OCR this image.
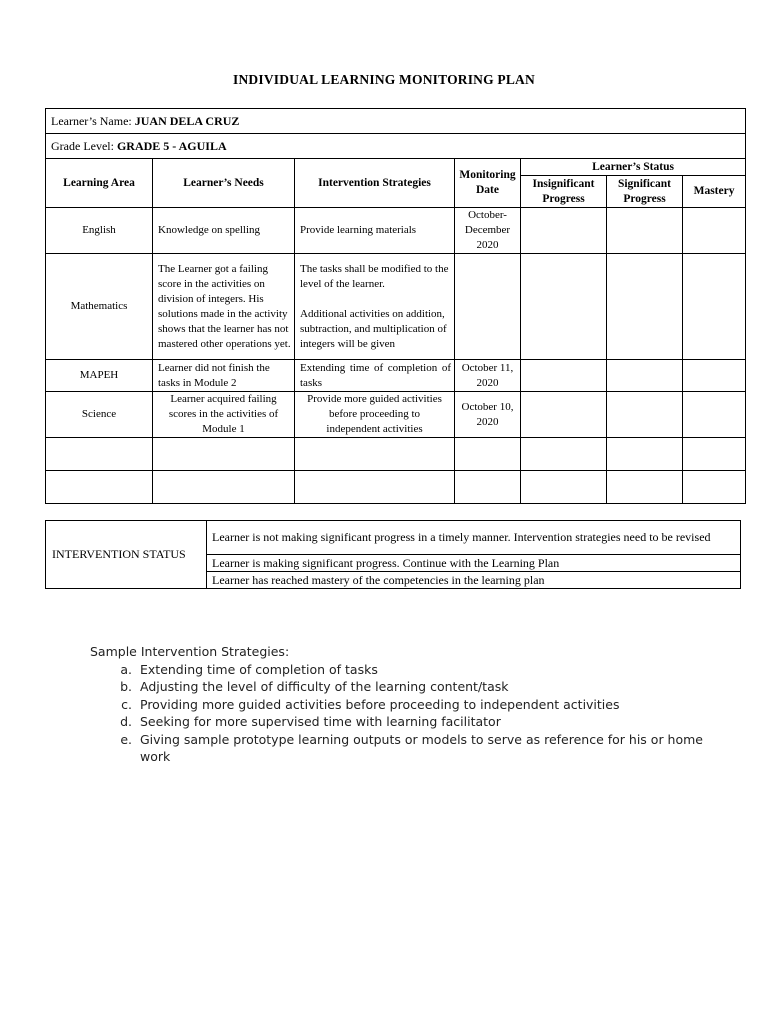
INDIVIDUAL LEARNING MONITORING PLAN
Learner’s Name: JUAN DELA CRUZ						
Grade Level: GRADE 5 - AGUILA						
Learning Area	Learner’s Needs	Intervention Strategies	Monitoring Date	Learner’s Status		
				Insignificant Progress	Significant Progress	Mastery
English	Knowledge on spelling	Provide learning materials	October-December 2020			
Mathematics	The Learner got a failing score in the activities on division of integers. His solutions made in the activity shows that the learner has not mastered other operations yet.	The tasks shall be modified to the level of the learner.
Additional activities on addition, subtraction, and multiplication of integers will be given				

MAPEH	Learner did not finish the tasks in Module 2	Extending time of completion of tasks	October 11, 2020			
Science	Learner acquired failing scores in the activities of Module 1	Provide more guided activities before proceeding to independent activities	October 10, 2020			

INTERVENTION STATUS	Learner is not making significant progress in a timely manner. Intervention strategies need to be revised
Learner is making significant progress. Continue with the Learning Plan
Learner has reached mastery of the competencies in the learning plan
Sample Intervention Strategies:
a. Extending time of completion of tasks
b. Adjusting the level of difficulty of the learning content/task
c. Providing more guided activities before proceeding to independent activities
d. Seeking for more supervised time with learning facilitator
e. Giving sample prototype learning outputs or models to serve as reference for his or home work
